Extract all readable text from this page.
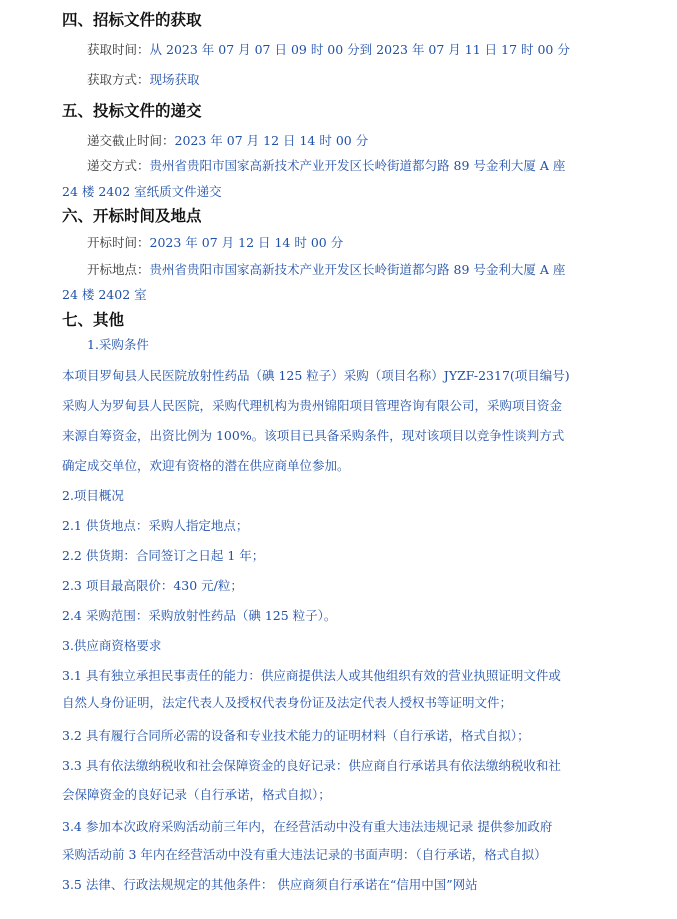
四、招标文件的获取
获取时间：从 2023 年 07 月 07 日 09 时 00 分到 2023 年 07 月 11 日 17 时 00 分
获取方式：现场获取
五、投标文件的递交
递交截止时间：2023 年 07 月 12 日 14 时 00 分
递交方式：贵州省贵阳市国家高新技术产业开发区长岭街道都匀路 89 号金利大厦 A 座
24 楼 2402 室纸质文件递交
六、开标时间及地点
开标时间：2023 年 07 月 12 日 14 时 00 分
开标地点：贵州省贵阳市国家高新技术产业开发区长岭街道都匀路 89 号金利大厦 A 座
24 楼 2402 室
七、其他
1.采购条件
本项目罗甸县人民医院放射性药品（碘 125 粒子）采购（项目名称）JYZF-2317(项目编号)
采购人为罗甸县人民医院，采购代理机构为贵州锦阳项目管理咨询有限公司，采购项目资金
来源自筹资金，出资比例为 100%。该项目已具备采购条件，现对该项目以竞争性谈判方式
确定成交单位，欢迎有资格的潜在供应商单位参加。
2.项目概况
2.1 供货地点：采购人指定地点；
2.2 供货期：合同签订之日起 1 年；
2.3 项目最高限价：430 元/粒；
2.4 采购范围：采购放射性药品（碘 125 粒子）。
3.供应商资格要求
3.1 具有独立承担民事责任的能力：供应商提供法人或其他组织有效的营业执照证明文件或
自然人身份证明，法定代表人及授权代表身份证及法定代表人授权书等证明文件；
3.2 具有履行合同所必需的设备和专业技术能力的证明材料（自行承诺，格式自拟）；
3.3 具有依法缴纳税收和社会保障资金的良好记录：供应商自行承诺具有依法缴纳税收和社
会保障资金的良好记录（自行承诺，格式自拟）；
3.4 参加本次政府采购活动前三年内，在经营活动中没有重大违法违规记录 提供参加政府
采购活动前 3 年内在经营活动中没有重大违法记录的书面声明：（自行承诺，格式自拟）
3.5 法律、行政法规规定的其他条件： 供应商须自行承诺在“信用中国”网站
